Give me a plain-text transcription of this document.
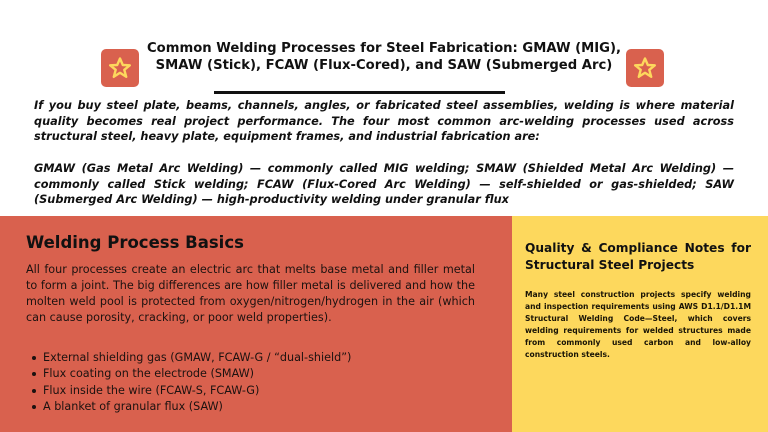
Common Welding Processes for Steel Fabrication: GMAW (MIG), SMAW (Stick), FCAW (Flux-Cored), and SAW (Submerged Arc)

If you buy steel plate, beams, channels, angles, or fabricated steel assemblies, welding is where material quality becomes real project performance. The four most common arc-welding processes used across structural steel, heavy plate, equipment frames, and industrial fabrication are:

GMAW (Gas Metal Arc Welding) — commonly called MIG welding; SMAW (Shielded Metal Arc Welding) — commonly called Stick welding; FCAW (Flux-Cored Arc Welding) — self-shielded or gas-shielded; SAW (Submerged Arc Welding) — high-productivity welding under granular flux

Welding Process Basics

All four processes create an electric arc that melts base metal and filler metal to form a joint. The big differences are how filler metal is delivered and how the molten weld pool is protected from oxygen/nitrogen/hydrogen in the air (which can cause porosity, cracking, or poor weld properties).

External shielding gas (GMAW, FCAW-G / “dual-shield”)
Flux coating on the electrode (SMAW)
Flux inside the wire (FCAW-S, FCAW-G)
A blanket of granular flux (SAW)
Quality & Compliance Notes for Structural Steel Projects

Many steel construction projects specify welding and inspection requirements using AWS D1.1/D1.1M Structural Welding Code—Steel, which covers welding requirements for welded structures made from commonly used carbon and low-alloy construction steels.
